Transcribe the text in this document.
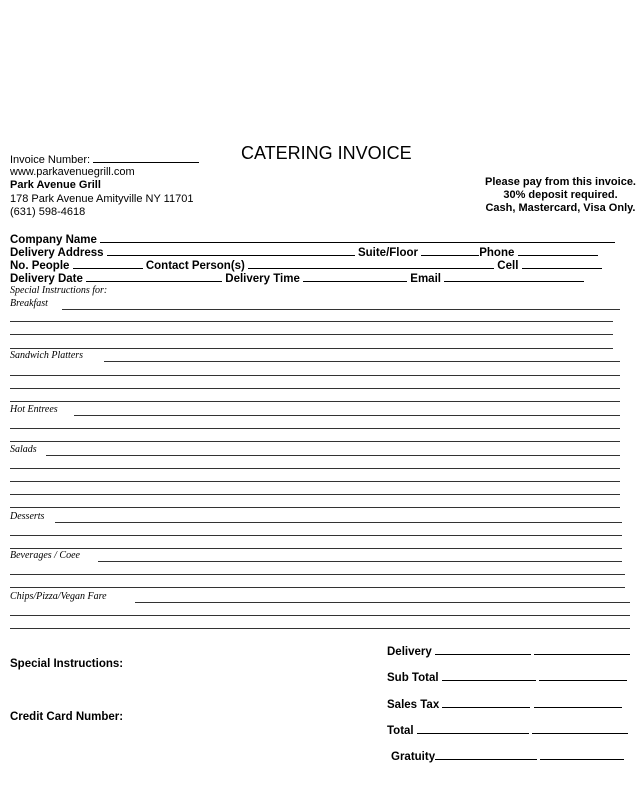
CATERING INVOICE
Invoice Number:
www.parkavenuegrill.com
Park Avenue Grill
178 Park Avenue Amityville NY 11701
(631) 598-4618
Please pay from this invoice.
30% deposit required.
Cash, Mastercard, Visa Only.
Company Name
Delivery Address	Suite/Floor	Phone
No. People	Contact Person(s)	Cell
Delivery Date	Delivery Time	Email
Special Instructions for:
Breakfast
Sandwich Platters
Hot Entrees
Salads
Desserts
Beverages / Coee
Chips/Pizza/Vegan Fare
Special Instructions:
Credit Card Number:
Delivery
Sub Total
Sales Tax
Total
Gratuity
